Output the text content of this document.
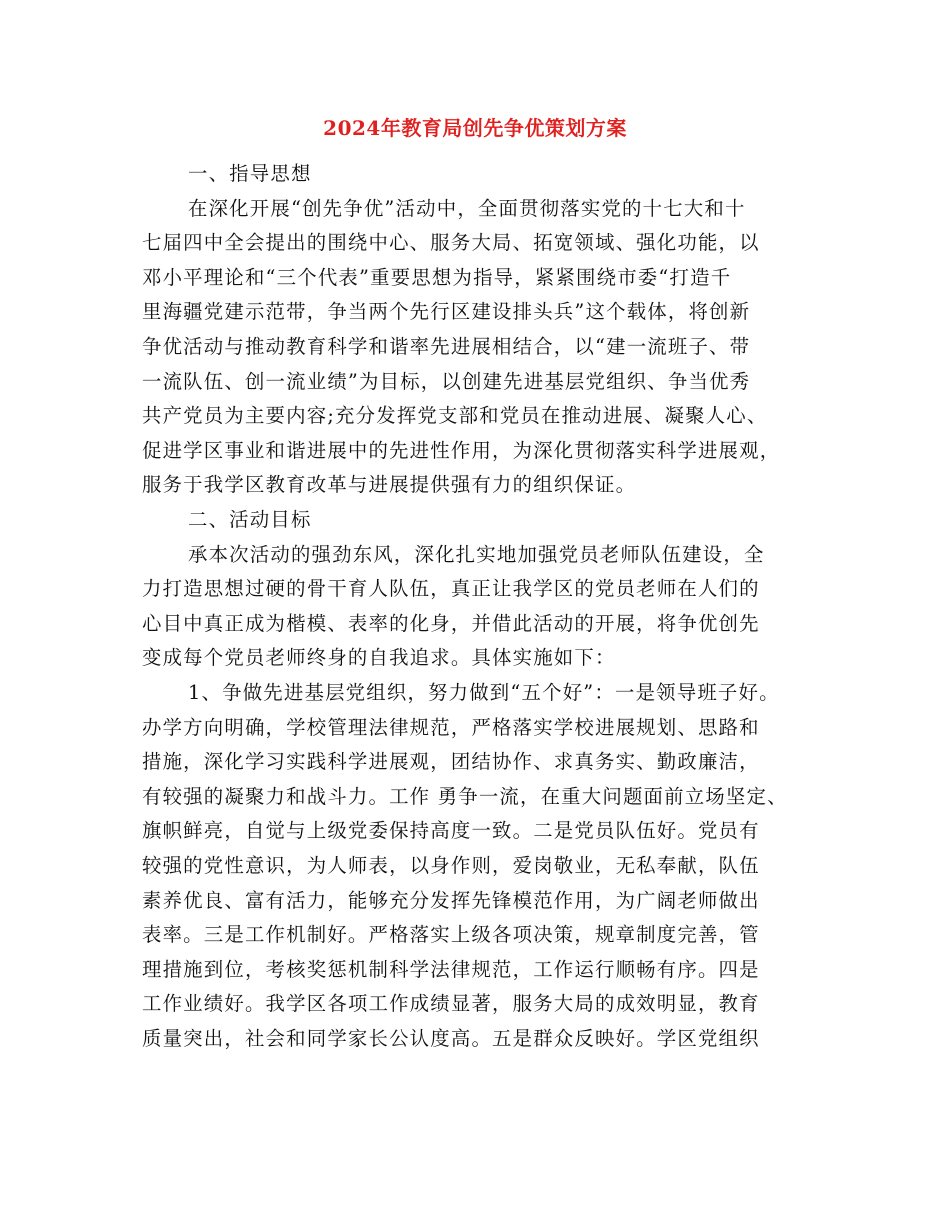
2024年教育局创先争优策划方案
一、指导思想
在深化开展“创先争优”活动中，全面贯彻落实党的十七大和十
七届四中全会提出的围绕中心、服务大局、拓宽领域、强化功能，以
邓小平理论和“三个代表”重要思想为指导，紧紧围绕市委“打造千
里海疆党建示范带，争当两个先行区建设排头兵”这个载体，将创新
争优活动与推动教育科学和谐率先进展相结合，以“建一流班子、带
一流队伍、创一流业绩”为目标，以创建先进基层党组织、争当优秀
共产党员为主要内容;充分发挥党支部和党员在推动进展、凝聚人心、
促进学区事业和谐进展中的先进性作用，为深化贯彻落实科学进展观，
服务于我学区教育改革与进展提供强有力的组织保证。
二、活动目标
承本次活动的强劲东风，深化扎实地加强党员老师队伍建设，全
力打造思想过硬的骨干育人队伍，真正让我学区的党员老师在人们的
心目中真正成为楷模、表率的化身，并借此活动的开展，将争优创先
变成每个党员老师终身的自我追求。具体实施如下：
1、争做先进基层党组织，努力做到“五个好”：一是领导班子好。
办学方向明确，学校管理法律规范，严格落实学校进展规划、思路和
措施，深化学习实践科学进展观，团结协作、求真务实、勤政廉洁，
有较强的凝聚力和战斗力。工作 勇争一流，在重大问题面前立场坚定、
旗帜鲜亮，自觉与上级党委保持高度一致。二是党员队伍好。党员有
较强的党性意识，为人师表，以身作则，爱岗敬业，无私奉献，队伍
素养优良、富有活力，能够充分发挥先锋模范作用，为广阔老师做出
表率。三是工作机制好。严格落实上级各项决策，规章制度完善，管
理措施到位，考核奖惩机制科学法律规范，工作运行顺畅有序。四是
工作业绩好。我学区各项工作成绩显著，服务大局的成效明显，教育
质量突出，社会和同学家长公认度高。五是群众反映好。学区党组织
